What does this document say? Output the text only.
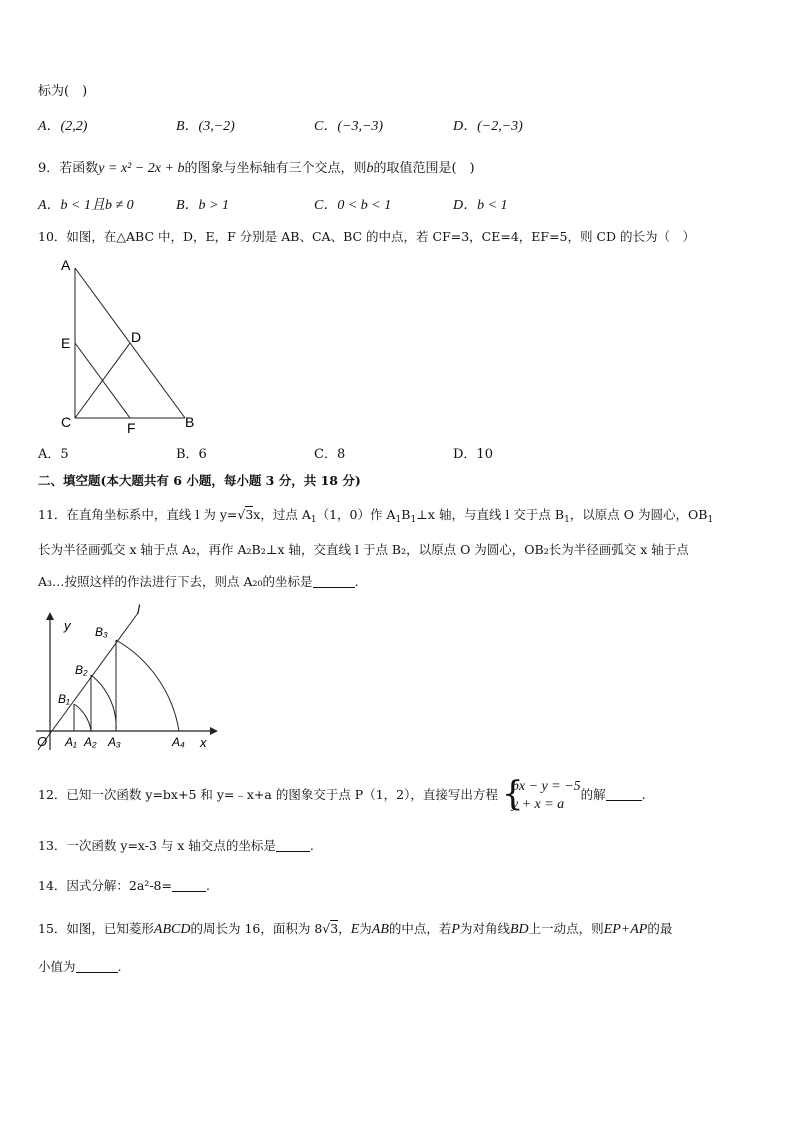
标为(　)
A．(2,2)	B．(3,−2)	C．(−3,−3)	D．(−2,−3)
9．若函数y = x² − 2x + b的图象与坐标轴有三个交点，则b的取值范围是(　)
A．b < 1且b ≠ 0	B．b > 1	C．0 < b < 1	D．b < 1
10．如图，在△ABC 中，D，E，F 分别是 AB、CA、BC 的中点，若 CF=3，CE=4，EF=5，则 CD 的长为（　）
A
E	D
C	F	B
A．5	B．6	C．8	D．10
二、填空题(本大题共有 6 小题，每小题 3 分，共 18 分)
11．在直角坐标系中，直线 l 为 y=√3x，过点 $A_1(1$，0）作 $A_1B_1\perp x$ 轴，与直线 l 交于点 $B_1$，以原点 O 为圆心，$OB_1$
长为半径画弧交 x 轴于点 A₂，再作 A₂B₂⊥x 轴，交直线 l 于点 B₂，以原点 O 为圆心，OB₂长为半径画弧交 x 轴于点
A₃…按照这样的作法进行下去，则点 A₂₀的坐标是	.
y
l
O	x
B₃
B₂
B₁
A₁ A₂ A₃	A₄
12．已知一次函数 y=bx+5 和 y=﹣x+a 的图象交于点 P（1，2），直接写出方程 {
bx − y = −5
y + x = a
的解	.
13．一次函数 y=x-3 与 x 轴交点的坐标是	.
14．因式分解：2a²-8=	.
15．如图，已知菱形ABCD的周长为 16，面积为 8√3，E为AB的中点，若P为对角线BD上一动点，则EP+AP的最
小值为	.
